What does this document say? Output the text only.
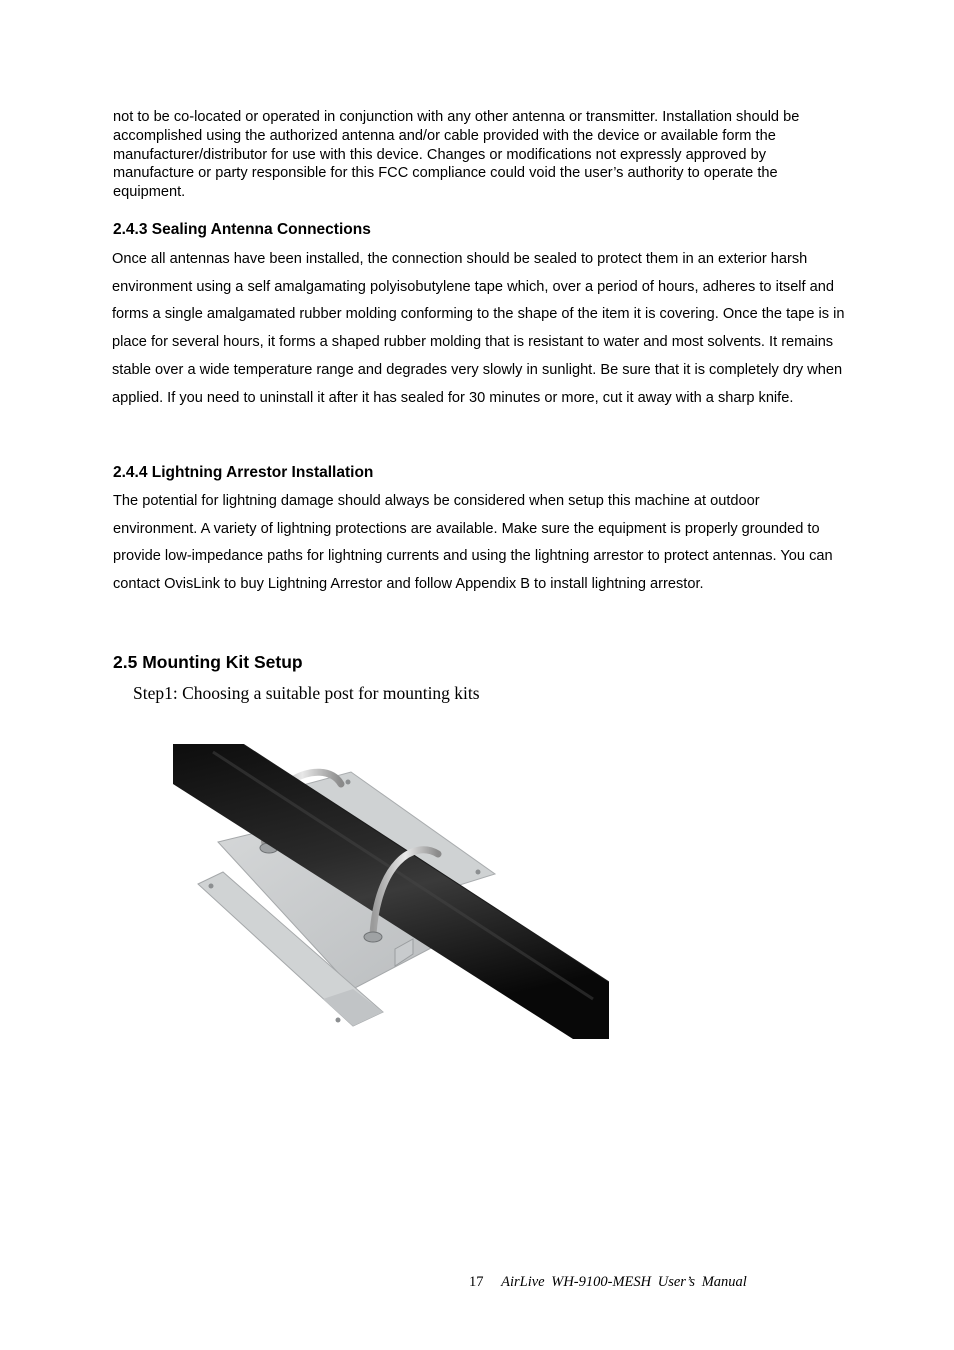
not to be co-located or operated in conjunction with any other antenna or transmitter. Installation should be accomplished using the authorized antenna and/or cable provided with the device or available form the manufacturer/distributor for use with this device. Changes or modifications not expressly approved by manufacture or party responsible for this FCC compliance could void the user’s authority to operate the equipment.

2.4.3 Sealing Antenna Connections

Once all antennas have been installed, the connection should be sealed to protect them in an exterior harsh environment using a self amalgamating polyisobutylene tape which, over a period of hours, adheres to itself and forms a single amalgamated rubber molding conforming to the shape of the item it is covering. Once the tape is in place for several hours, it forms a shaped rubber molding that is resistant to water and most solvents. It remains stable over a wide temperature range and degrades very slowly in sunlight. Be sure that it is completely dry when applied. If you need to uninstall it after it has sealed for 30 minutes or more, cut it away with a sharp knife.

2.4.4 Lightning Arrestor Installation

The potential for lightning damage should always be considered when setup this machine at outdoor environment. A variety of lightning protections are available. Make sure the equipment is properly grounded to provide low-impedance paths for lightning currents and using the lightning arrestor to protect antennas. You can contact OvisLink to buy Lightning Arrestor and follow Appendix B to install lightning arrestor.

2.5 Mounting Kit Setup

Step1: Choosing a suitable post for mounting kits

17 AirLive WH-9100-MESH User’s Manual
